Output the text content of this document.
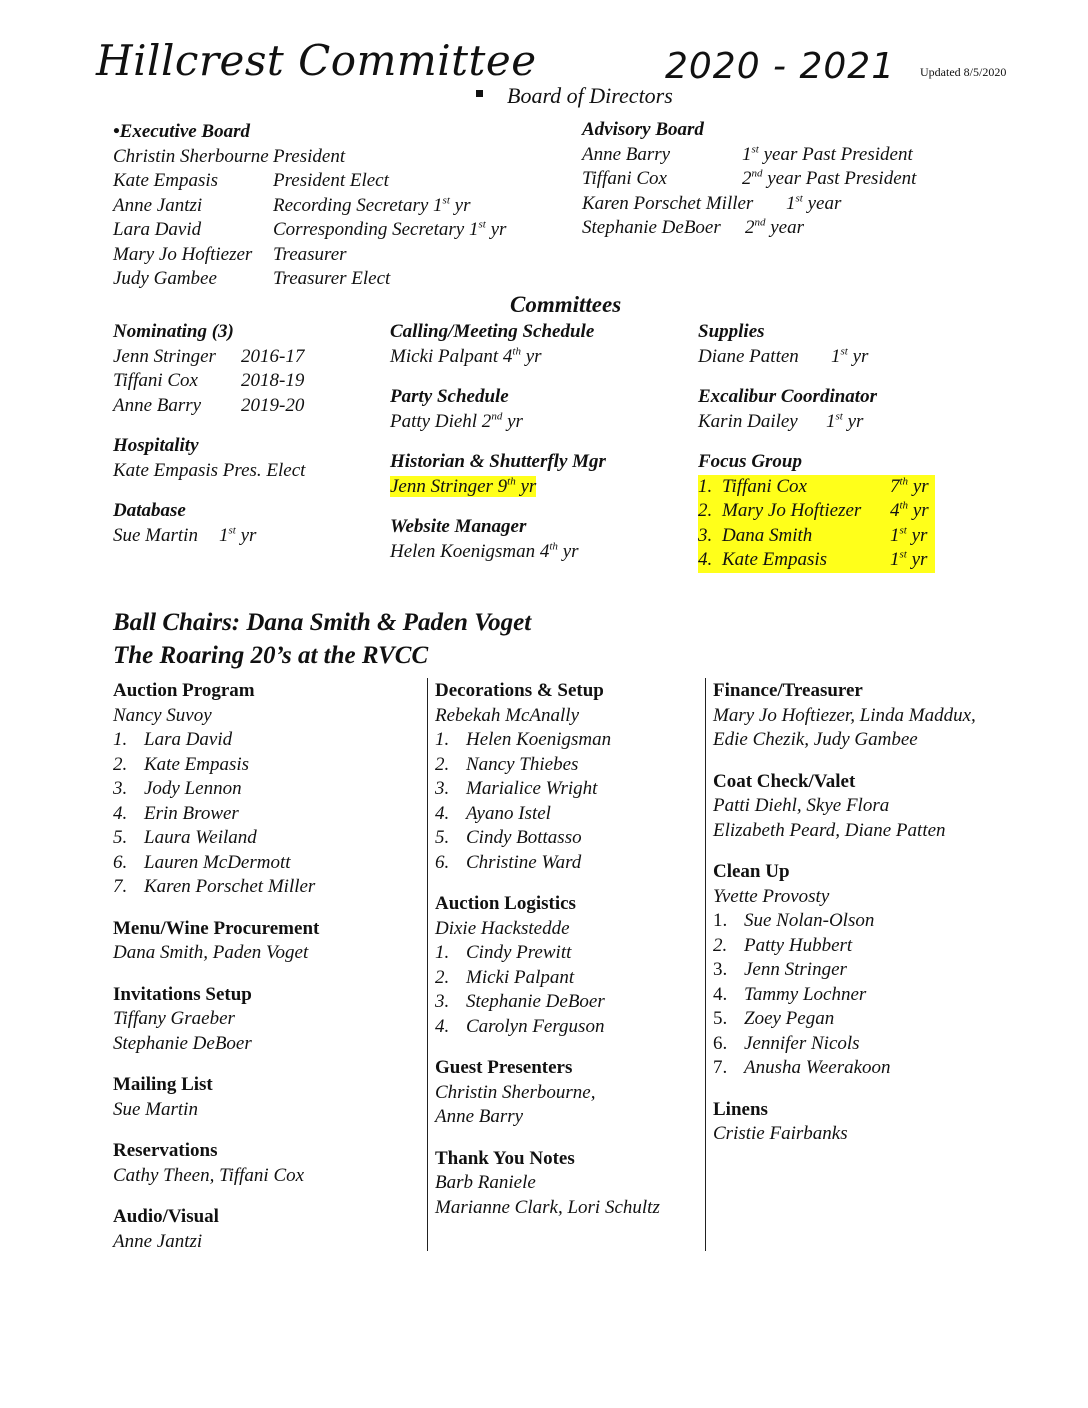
Hillcrest Committee	2020 - 2021 Updated 8/5/2020
Board of Directors
•Executive Board
Christin Sherbourne President
Kate Empasis	President Elect
Anne Jantzi	Recording Secretary 1st yr
Lara David	Corresponding Secretary 1st yr
Mary Jo Hoftiezer Treasurer
Judy Gambee	Treasurer Elect
Advisory Board
Anne Barry	1st year Past President
Tiffani Cox	2nd year Past President
Karen Porschet Miller 1st year
Stephanie DeBoer 2nd year
Committees
Nominating (3)
Jenn Stringer 2016-17
Tiffani Cox 2018-19
Anne Barry 2019-20
Hospitality
Kate Empasis Pres. Elect
Database
Sue Martin 1st yr
Calling/Meeting Schedule
Micki Palpant 4th yr
Party Schedule
Patty Diehl 2nd yr
Historian & Shutterfly Mgr
Jenn Stringer 9th yr
Website Manager
Helen Koenigsman 4th yr
Supplies
Diane Patten 1st yr
Excalibur Coordinator
Karin Dailey 1st yr
Focus Group
1. Tiffani Cox	7th yr
2. Mary Jo Hoftiezer 4th yr
3. Dana Smith	1st yr
4. Kate Empasis	1st yr
Ball Chairs: Dana Smith & Paden Voget
The Roaring 20’s at the RVCC
Auction Program
Nancy Suvoy
1. Lara David
2. Kate Empasis
3. Jody Lennon
4. Erin Brower
5. Laura Weiland
6. Lauren McDermott
7. Karen Porschet Miller
Menu/Wine Procurement
Dana Smith, Paden Voget
Invitations Setup
Tiffany Graeber
Stephanie DeBoer
Mailing List
Sue Martin
Reservations
Cathy Theen, Tiffani Cox
Audio/Visual
Anne Jantzi
Decorations & Setup
Rebekah McAnally
1. Helen Koenigsman
2. Nancy Thiebes
3. Marialice Wright
4. Ayano Istel
5. Cindy Bottasso
6. Christine Ward
Auction Logistics
Dixie Hackstedde
1. Cindy Prewitt
2. Micki Palpant
3. Stephanie DeBoer
4. Carolyn Ferguson
Guest Presenters
Christin Sherbourne,
Anne Barry
Thank You Notes
Barb Raniele
Marianne Clark, Lori Schultz
Finance/Treasurer
Mary Jo Hoftiezer, Linda Maddux,
Edie Chezik, Judy Gambee
Coat Check/Valet
Patti Diehl, Skye Flora
Elizabeth Peard, Diane Patten
Clean Up
Yvette Provosty
1. Sue Nolan-Olson
2. Patty Hubbert
3. Jenn Stringer
4. Tammy Lochner
5. Zoey Pegan
6. Jennifer Nicols
7. Anusha Weerakoon
Linens
Cristie Fairbanks
